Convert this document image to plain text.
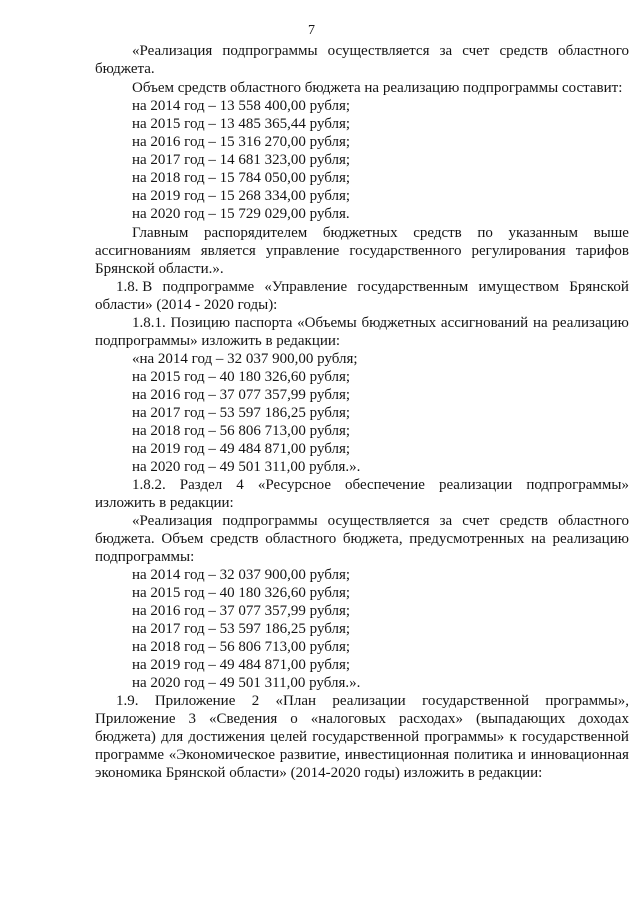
7
«Реализация подпрограммы осуществляется за счет средств областного
бюджета.
Объем средств областного бюджета на реализацию подпрограммы составит:
на 2014 год – 13 558 400,00 рубля;
на 2015 год – 13 485 365,44 рубля;
на 2016 год – 15 316 270,00 рубля;
на 2017 год – 14 681 323,00 рубля;
на 2018 год – 15 784 050,00 рубля;
на 2019 год – 15 268 334,00 рубля;
на 2020 год – 15 729 029,00 рубля.
Главным распорядителем бюджетных средств по указанным выше
ассигнованиям является управление государственного регулирования тарифов
Брянской области.».
1.8. В подпрограмме «Управление государственным имуществом Брянской
области» (2014 - 2020 годы):
1.8.1. Позицию паспорта «Объемы бюджетных ассигнований на реализацию
подпрограммы» изложить в редакции:
«на 2014 год – 32 037 900,00 рубля;
на 2015 год – 40 180 326,60 рубля;
на 2016 год – 37 077 357,99 рубля;
на 2017 год – 53 597 186,25 рубля;
на 2018 год – 56 806 713,00 рубля;
на 2019 год – 49 484 871,00 рубля;
на 2020 год – 49 501 311,00 рубля.».
1.8.2. Раздел 4 «Ресурсное обеспечение реализации подпрограммы»
изложить в редакции:
«Реализация подпрограммы осуществляется за счет средств областного
бюджета. Объем средств областного бюджета, предусмотренных на реализацию
подпрограммы:
на 2014 год – 32 037 900,00 рубля;
на 2015 год – 40 180 326,60 рубля;
на 2016 год – 37 077 357,99 рубля;
на 2017 год – 53 597 186,25 рубля;
на 2018 год – 56 806 713,00 рубля;
на 2019 год – 49 484 871,00 рубля;
на 2020 год – 49 501 311,00 рубля.».
1.9. Приложение 2 «План реализации государственной программы»,
Приложение 3 «Сведения о «налоговых расходах» (выпадающих доходах
бюджета) для достижения целей государственной программы» к государственной
программе «Экономическое развитие, инвестиционная политика и инновационная
экономика Брянской области» (2014-2020 годы) изложить в редакции:
